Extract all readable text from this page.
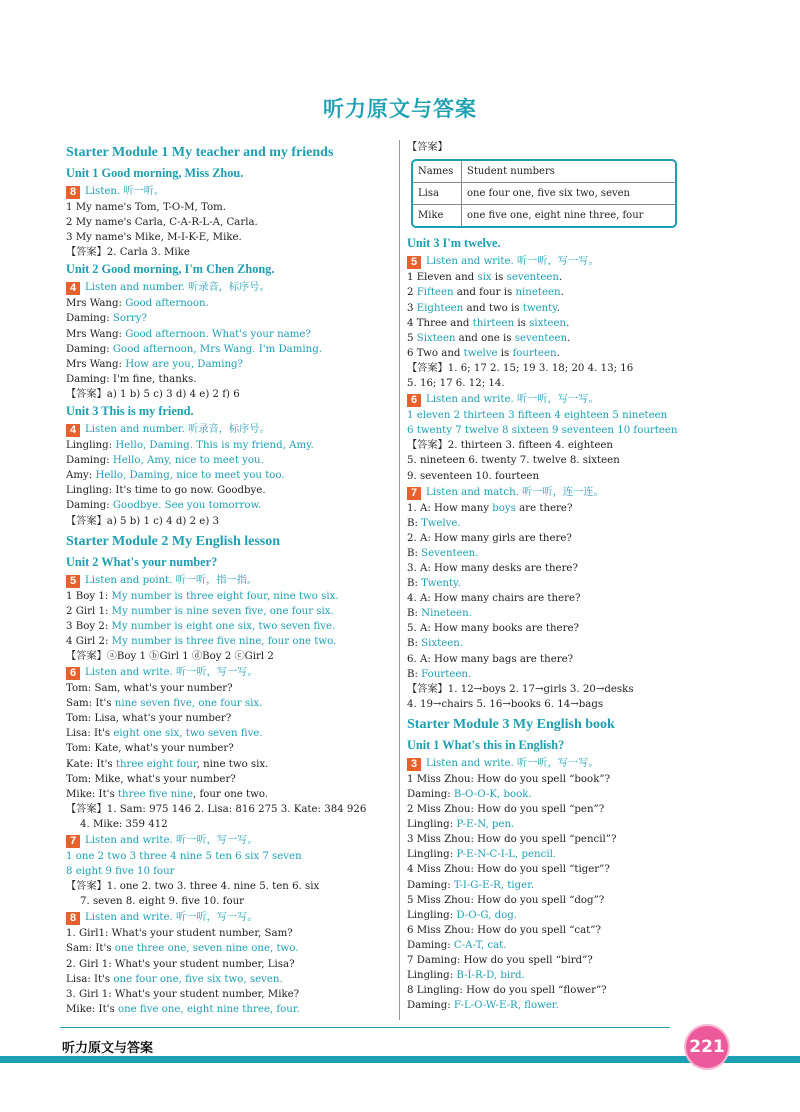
听力原文与答案
Starter Module 1 My teacher and my friends
Unit 1 Good morning, Miss Zhou.
8 Listen. 听一听。
1 My name's Tom, T-O-M, Tom.
2 My name's Carla, C-A-R-L-A, Carla.
3 My name's Mike, M-I-K-E, Mike.
【答案】2. Carla 3. Mike
Unit 2 Good morning, I'm Chen Zhong.
4 Listen and number. 听录音，标序号。
Mrs Wang: Good afternoon.
Daming: Sorry?
Mrs Wang: Good afternoon. What's your name?
Daming: Good afternoon, Mrs Wang. I'm Daming.
Mrs Wang: How are you, Daming?
Daming: I'm fine, thanks.
【答案】a) 1 b) 5 c) 3 d) 4 e) 2 f) 6
Unit 3 This is my friend.
4 Listen and number. 听录音，标序号。
Lingling: Hello, Daming. This is my friend, Amy.
Daming: Hello, Amy, nice to meet you.
Amy: Hello, Daming, nice to meet you too.
Lingling: It's time to go now. Goodbye.
Daming: Goodbye. See you tomorrow.
【答案】a) 5 b) 1 c) 4 d) 2 e) 3
Starter Module 2 My English lesson
Unit 2 What's your number?
5 Listen and point. 听一听，指一指。
1 Boy 1: My number is three eight four, nine two six.
2 Girl 1: My number is nine seven five, one four six.
3 Boy 2: My number is eight one six, two seven five.
4 Girl 2: My number is three five nine, four one two.
【答案】ⓐBoy 1 ⓑGirl 1 ⓓBoy 2 ⓒGirl 2
6 Listen and write. 听一听，写一写。
Tom: Sam, what's your number?
Sam: It's nine seven five, one four six.
Tom: Lisa, what's your number?
Lisa: It's eight one six, two seven five.
Tom: Kate, what's your number?
Kate: It's three eight four, nine two six.
Tom: Mike, what's your number?
Mike: It's three five nine, four one two.
【答案】1. Sam: 975 146 2. Lisa: 816 275 3. Kate: 384 926
4. Mike: 359 412
7 Listen and write. 听一听，写一写。
1 one 2 two 3 three 4 nine 5 ten 6 six 7 seven
8 eight 9 five 10 four
【答案】1. one 2. two 3. three 4. nine 5. ten 6. six
7. seven 8. eight 9. five 10. four
8 Listen and write. 听一听，写一写。
1. Girl1: What's your student number, Sam?
Sam: It's one three one, seven nine one, two.
2. Girl 1: What's your student number, Lisa?
Lisa: It's one four one, five six two, seven.
3. Girl 1: What's your student number, Mike?
Mike: It's one five one, eight nine three, four.
【答案】
Names	Student numbers
Lisa	one four one, five six two, seven
Mike	one five one, eight nine three, four
Unit 3 I'm twelve.
5 Listen and write. 听一听，写一写。
1 Eleven and six is seventeen.
2 Fifteen and four is nineteen.
3 Eighteen and two is twenty.
4 Three and thirteen is sixteen.
5 Sixteen and one is seventeen.
6 Two and twelve is fourteen.
【答案】1. 6; 17 2. 15; 19 3. 18; 20 4. 13; 16
5. 16; 17 6. 12; 14.
6 Listen and write. 听一听，写一写。
1 eleven 2 thirteen 3 fifteen 4 eighteen 5 nineteen
6 twenty 7 twelve 8 sixteen 9 seventeen 10 fourteen
【答案】2. thirteen 3. fifteen 4. eighteen
5. nineteen 6. twenty 7. twelve 8. sixteen
9. seventeen 10. fourteen
7 Listen and match. 听一听，连一连。
1. A: How many boys are there?
B: Twelve.
2. A: How many girls are there?
B: Seventeen.
3. A: How many desks are there?
B: Twenty.
4. A: How many chairs are there?
B: Nineteen.
5. A: How many books are there?
B: Sixteen.
6. A: How many bags are there?
B: Fourteen.
【答案】1. 12→boys 2. 17→girls 3. 20→desks
4. 19→chairs 5. 16→books 6. 14→bags
Starter Module 3 My English book
Unit 1 What's this in English?
3 Listen and write. 听一听，写一写。
1 Miss Zhou: How do you spell “book”?
Daming: B-O-O-K, book.
2 Miss Zhou: How do you spell “pen”?
Lingling: P-E-N, pen.
3 Miss Zhou: How do you spell “pencil”?
Lingling: P-E-N-C-I-L, pencil.
4 Miss Zhou: How do you spell “tiger”?
Daming: T-I-G-E-R, tiger.
5 Miss Zhou: How do you spell “dog”?
Lingling: D-O-G, dog.
6 Miss Zhou: How do you spell “cat”?
Daming: C-A-T, cat.
7 Daming: How do you spell “bird”?
Lingling: B-I-R-D, bird.
8 Lingling: How do you spell “flower”?
Daming: F-L-O-W-E-R, flower.
听力原文与答案	221
